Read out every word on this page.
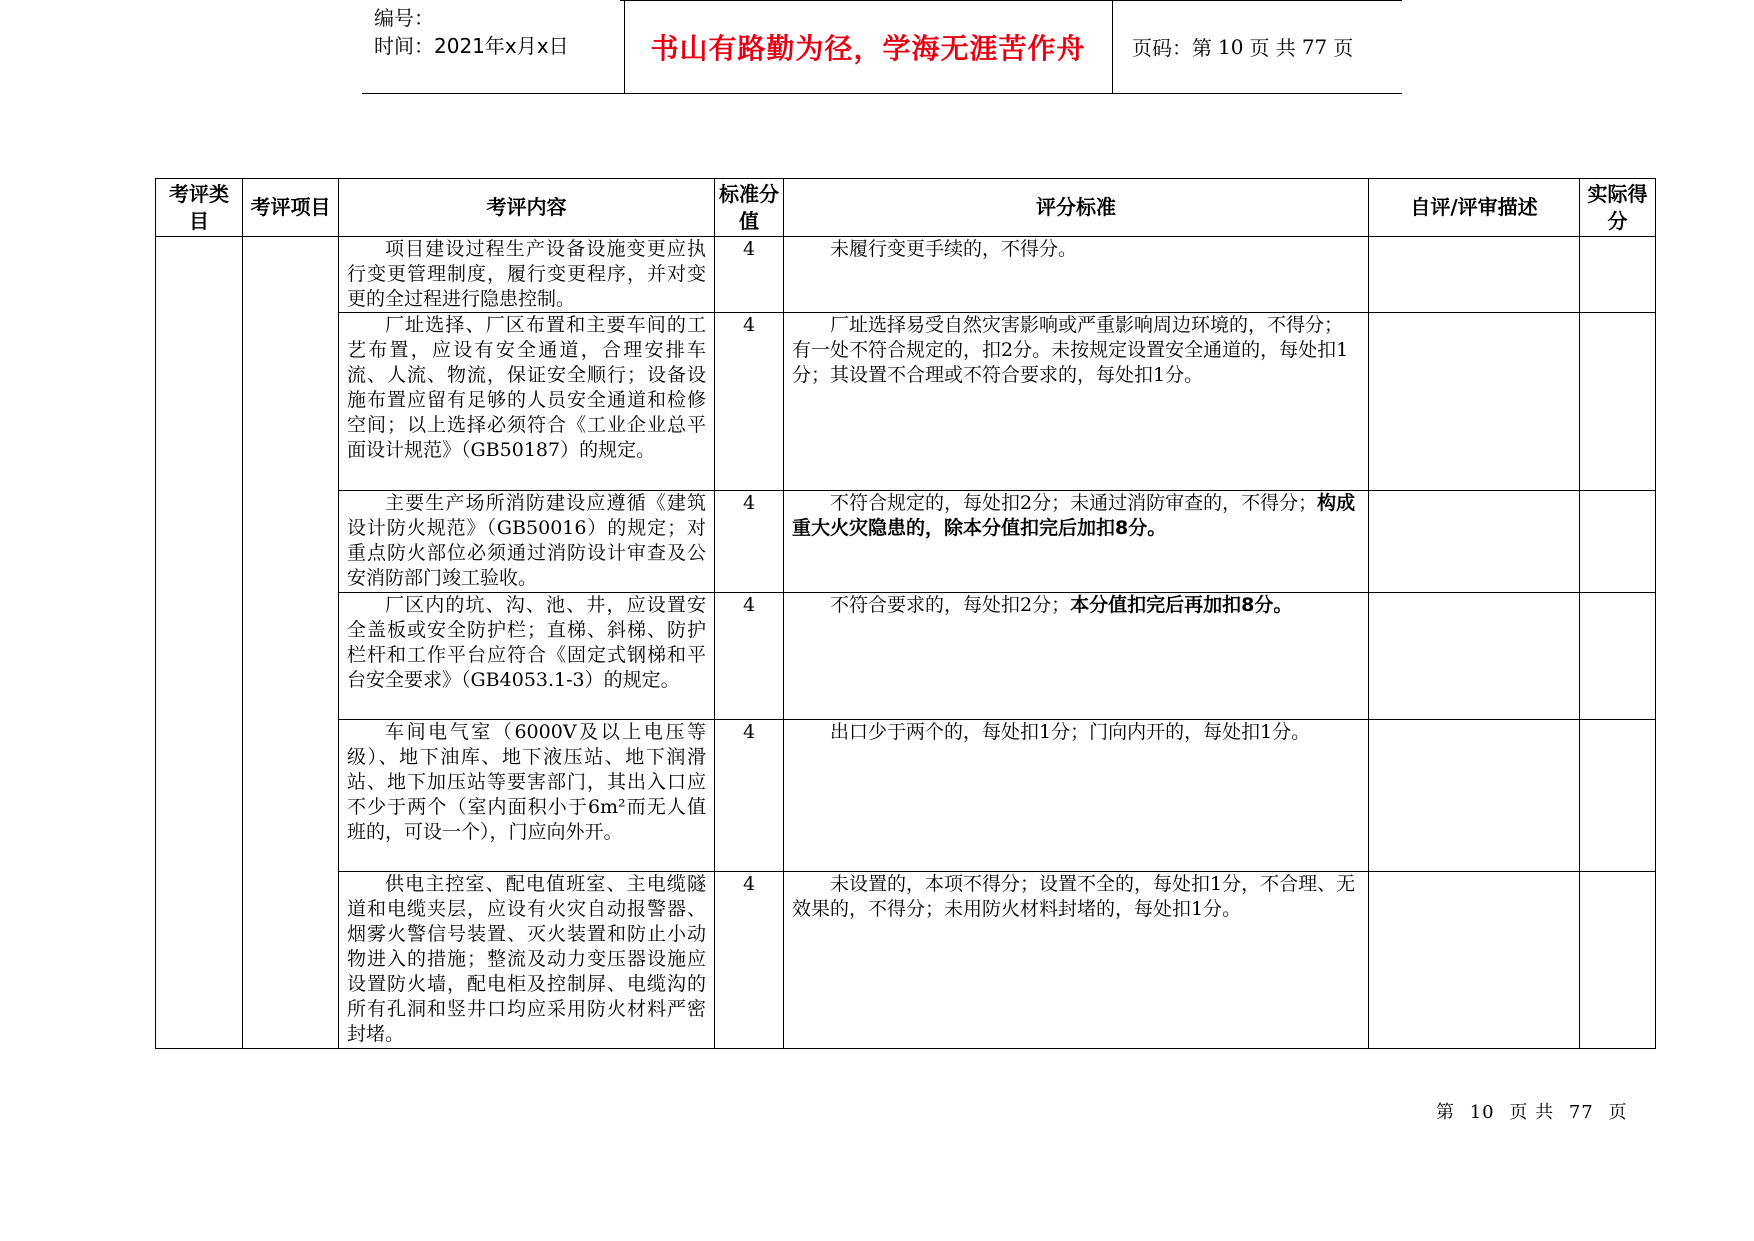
编号：
时间：2021年x月x日	书山有路勤为径，学海无涯苦作舟	页码：第 10 页 共 77 页
考评类目	考评项目	考评内容	标准分值	评分标准	自评/评审描述	实际得分
		项目建设过程生产设备设施变更应执行变更管理制度，履行变更程序，并对变更的全过程进行隐患控制。	4	未履行变更手续的，不得分。		
		厂址选择、厂区布置和主要车间的工艺布置，应设有安全通道，合理安排车流、人流、物流，保证安全顺行；设备设施布置应留有足够的人员安全通道和检修空间；以上选择必须符合《工业企业总平面设计规范》（GB50187）的规定。	4	厂址选择易受自然灾害影响或严重影响周边环境的，不得分；有一处不符合规定的，扣2分。未按规定设置安全通道的，每处扣1分；其设置不合理或不符合要求的，每处扣1分。		
		主要生产场所消防建设应遵循《建筑设计防火规范》（GB50016）的规定；对重点防火部位必须通过消防设计审查及公安消防部门竣工验收。	4	不符合规定的，每处扣2分；未通过消防审查的，不得分；构成重大火灾隐患的，除本分值扣完后加扣8分。		
		厂区内的坑、沟、池、井，应设置安全盖板或安全防护栏；直梯、斜梯、防护栏杆和工作平台应符合《固定式钢梯和平台安全要求》（GB4053.1-3）的规定。	4	不符合要求的，每处扣2分；本分值扣完后再加扣8分。		
		车间电气室（6000V及以上电压等级）、地下油库、地下液压站、地下润滑站、地下加压站等要害部门，其出入口应不少于两个（室内面积小于6m²而无人值班的，可设一个），门应向外开。	4	出口少于两个的，每处扣1分；门向内开的，每处扣1分。		
		供电主控室、配电值班室、主电缆隧道和电缆夹层，应设有火灾自动报警器、烟雾火警信号装置、灭火装置和防止小动物进入的措施；整流及动力变压器设施应设置防火墙，配电柜及控制屏、电缆沟的所有孔洞和竖井口均应采用防火材料严密封堵。	4	未设置的，本项不得分；设置不全的，每处扣1分，不合理、无效果的，不得分；未用防火材料封堵的，每处扣1分。		
第 10 页 共 77 页
